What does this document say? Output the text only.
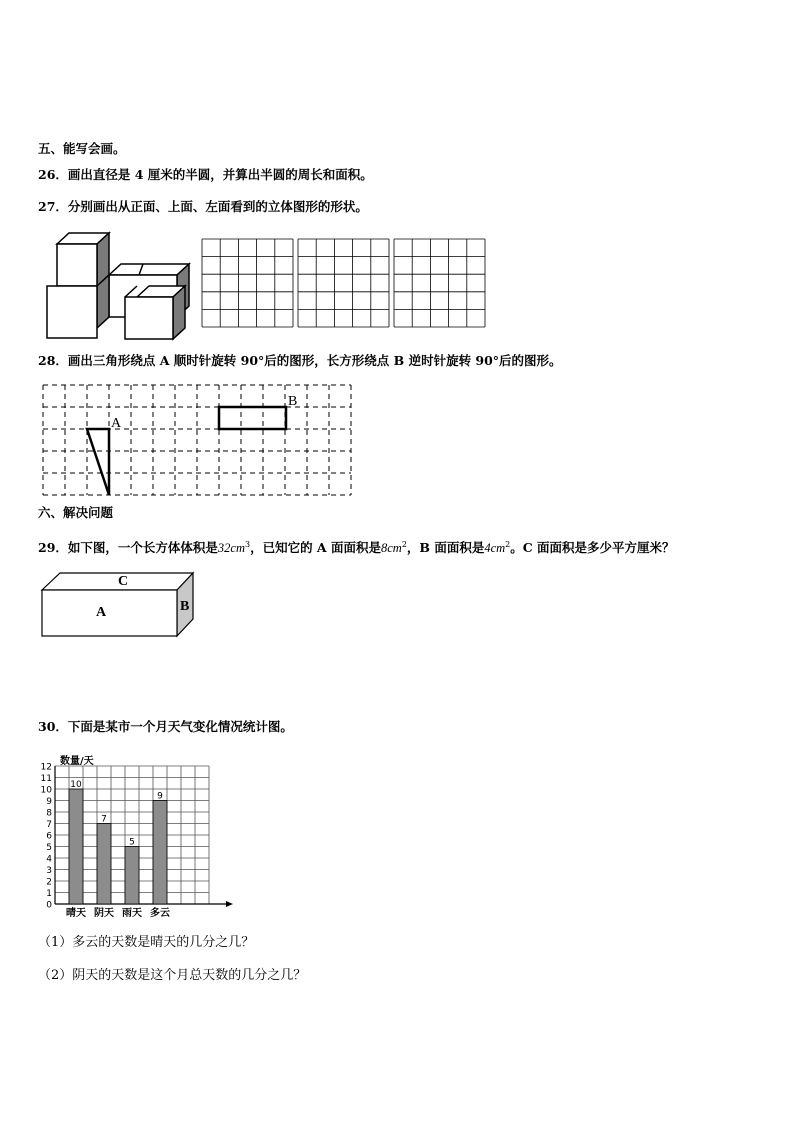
五、能写会画。
26．画出直径是 4 厘米的半圆，并算出半圆的周长和面积。
27．分别画出从正面、上面、左面看到的立体图形的形状。
28．画出三角形绕点 A 顺时针旋转 90°后的图形，长方形绕点 B 逆时针旋转 90°后的图形。
A
B
六、解决问题
29．如下图，一个长方体体积是$32cm^3$，已知它的 A 面面积是$8cm^2$，B 面面积是$4cm^2$。C 面面积是多少平方厘米？
C
A	B
30．下面是某市一个月天气变化情况统计图。
0
1
2
3
4
5
6
7
8
9
10
11
12
晴天 阴天 雨天 多云
10
7
5
9
数量/天
（1）多云的天数是晴天的几分之几？
（2）阴天的天数是这个月总天数的几分之几？
